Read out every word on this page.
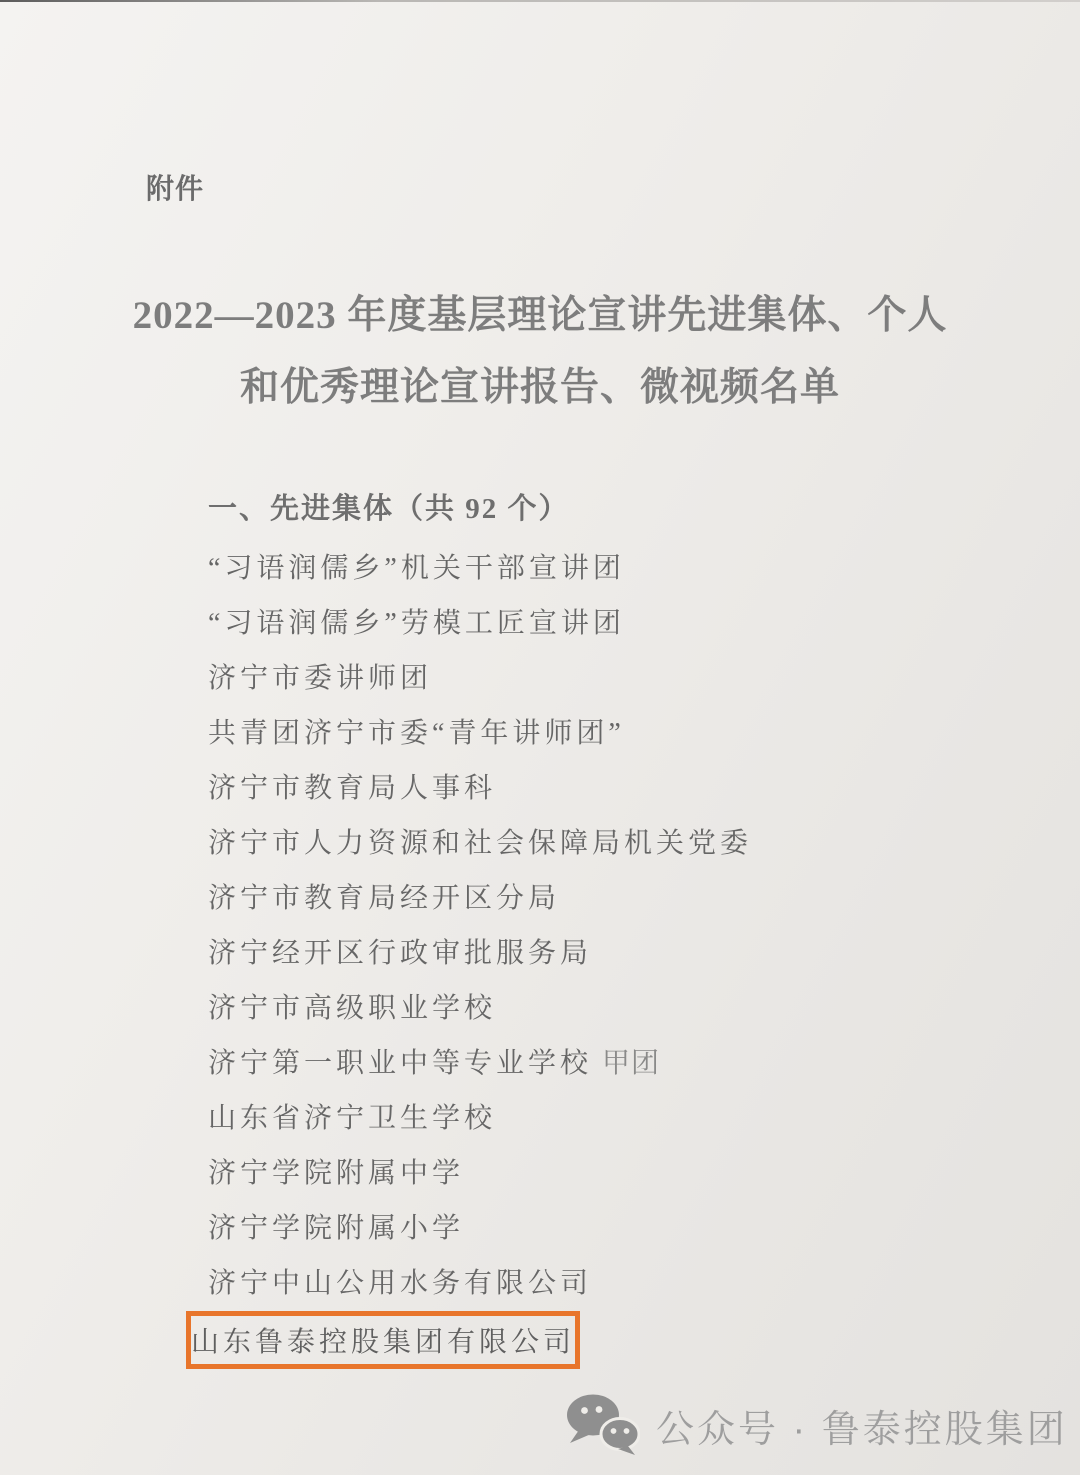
附件
2022—2023 年度基层理论宣讲先进集体、个人
和优秀理论宣讲报告、微视频名单
一、先进集体（共 92 个）
“习语润儒乡”机关干部宣讲团
“习语润儒乡”劳模工匠宣讲团
济宁市委讲师团
共青团济宁市委“青年讲师团”
济宁市教育局人事科
济宁市人力资源和社会保障局机关党委
济宁市教育局经开区分局
济宁经开区行政审批服务局
济宁市高级职业学校
济宁第一职业中等专业学校 甲团
山东省济宁卫生学校
济宁学院附属中学
济宁学院附属小学
济宁中山公用水务有限公司
山东鲁泰控股集团有限公司
公众号 · 鲁泰控股集团
